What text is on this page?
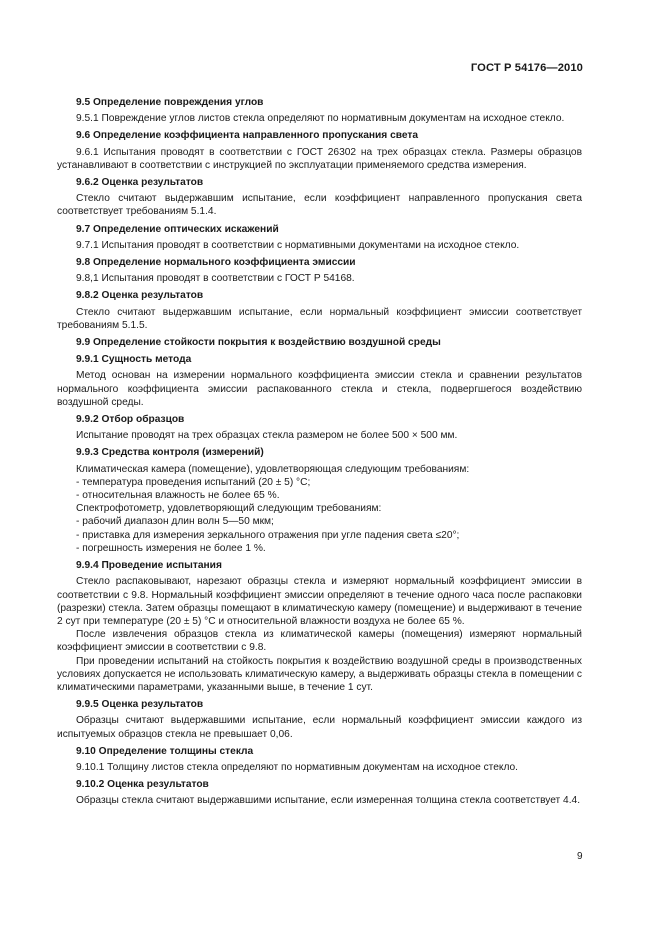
ГОСТ Р 54176—2010
9.5 Определение повреждения углов
9.5.1 Повреждение углов листов стекла определяют по нормативным документам на исходное стекло.
9.6 Определение коэффициента направленного пропускания света
9.6.1 Испытания проводят в соответствии с ГОСТ 26302 на трех образцах стекла. Размеры образцов устанавливают в соответствии с инструкцией по эксплуатации применяемого средства измерения.
9.6.2 Оценка результатов
Стекло считают выдержавшим испытание, если коэффициент направленного пропускания света соответствует требованиям 5.1.4.
9.7 Определение оптических искажений
9.7.1 Испытания проводят в соответствии с нормативными документами на исходное стекло.
9.8 Определение нормального коэффициента эмиссии
9.8,1 Испытания проводят в соответствии с ГОСТ Р 54168.
9.8.2 Оценка результатов
Стекло считают выдержавшим испытание, если нормальный коэффициент эмиссии соответствует требованиям 5.1.5.
9.9 Определение стойкости покрытия к воздействию воздушной среды
9.9.1 Сущность метода
Метод основан на измерении нормального коэффициента эмиссии стекла и сравнении результатов нормального коэффициента эмиссии распакованного стекла и стекла, подвергшегося воздействию воздушной среды.
9.9.2 Отбор образцов
Испытание проводят на трех образцах стекла размером не более 500 × 500 мм.
9.9.3 Средства контроля (измерений)
Климатическая камера (помещение), удовлетворяющая следующим требованиям:
- температура проведения испытаний (20 ± 5) °С;
- относительная влажность не более 65 %.
Спектрофотометр, удовлетворяющий следующим требованиям:
- рабочий диапазон длин волн 5—50 мкм;
- приставка для измерения зеркального отражения при угле падения света ≤20°;
- погрешность измерения не более 1 %.
9.9.4 Проведение испытания
Стекло распаковывают, нарезают образцы стекла и измеряют нормальный коэффициент эмиссии в соответствии с 9.8. Нормальный коэффициент эмиссии определяют в течение одного часа после распаковки (разрезки) стекла. Затем образцы помещают в климатическую камеру (помещение) и выдерживают в течение 2 сут при температуре (20 ± 5) °С и относительной влажности воздуха не более 65 %.
После извлечения образцов стекла из климатической камеры (помещения) измеряют нормальный коэффициент эмиссии в соответствии с 9.8.
При проведении испытаний на стойкость покрытия к воздействию воздушной среды в производственных условиях допускается не использовать климатическую камеру, а выдерживать образцы стекла в помещении с климатическими параметрами, указанными выше, в течение 1 сут.
9.9.5 Оценка результатов
Образцы считают выдержавшими испытание, если нормальный коэффициент эмиссии каждого из испытуемых образцов стекла не превышает 0,06.
9.10 Определение толщины стекла
9.10.1 Толщину листов стекла определяют по нормативным документам на исходное стекло.
9.10.2 Оценка результатов
Образцы стекла считают выдержавшими испытание, если измеренная толщина стекла соответствует 4.4.
9
